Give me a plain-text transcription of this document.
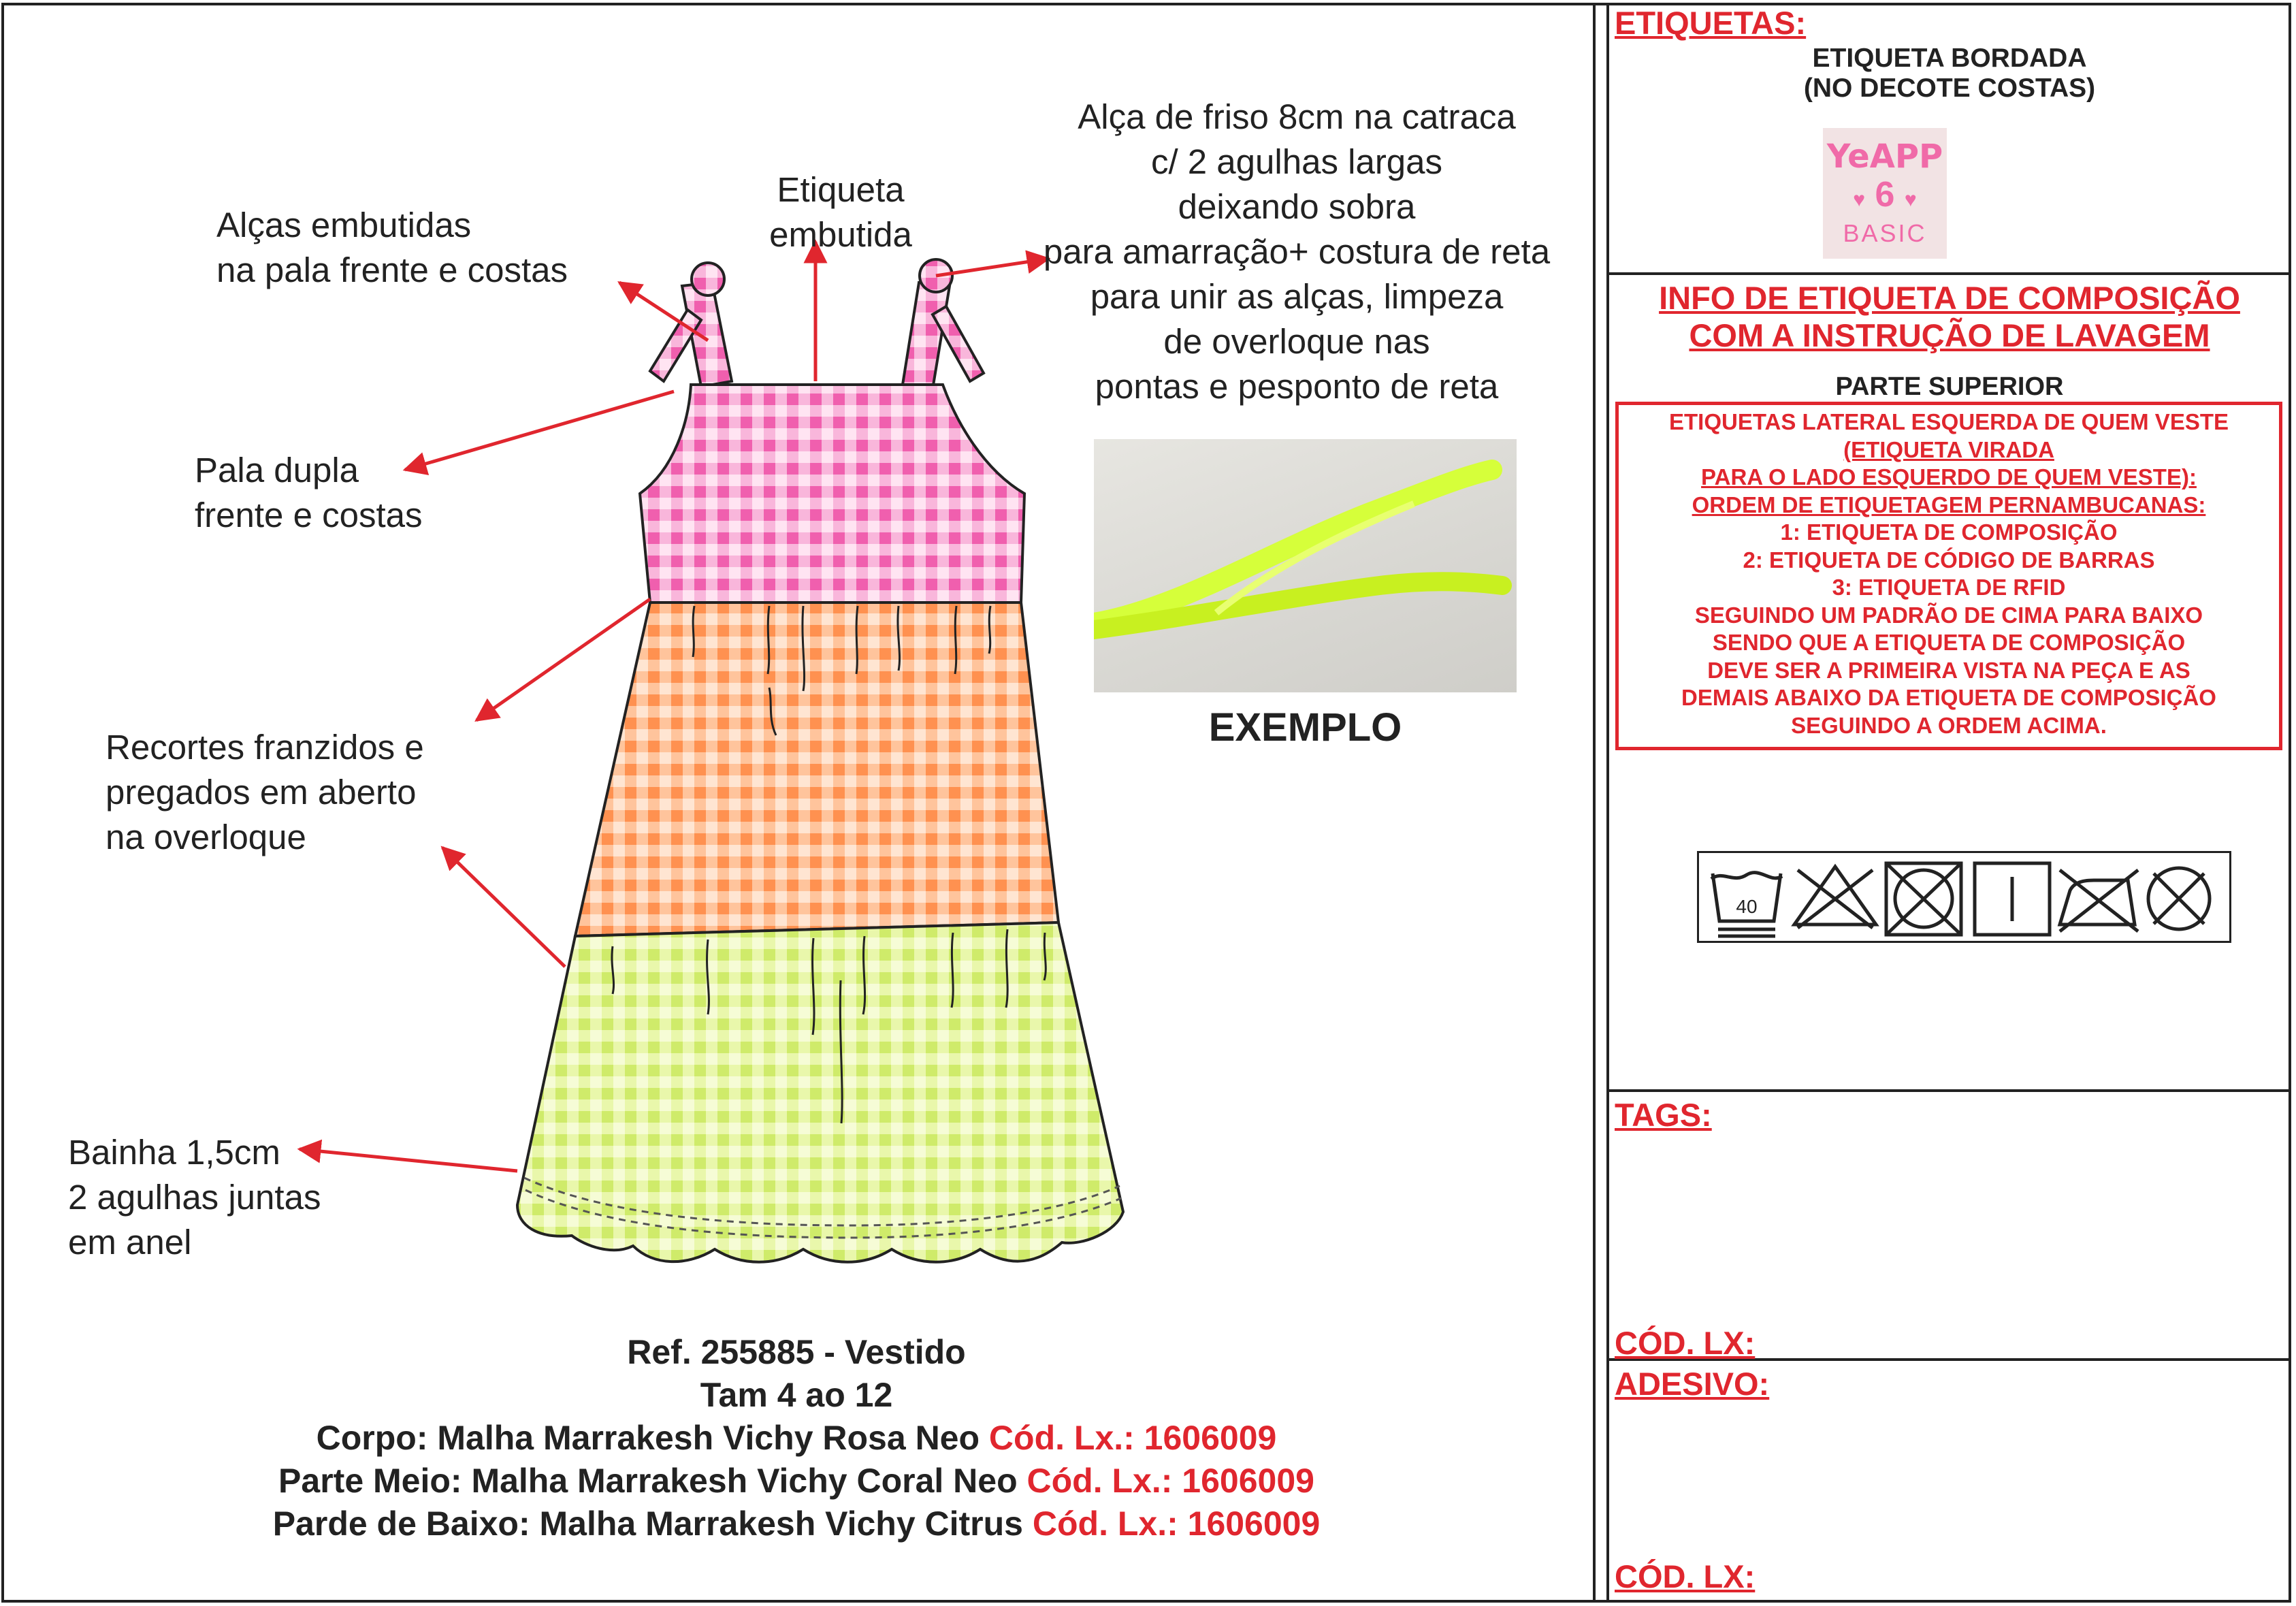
Alças embutidas
na pala frente e costas
Etiqueta
embutida
Alça de friso 8cm na catraca
c/ 2 agulhas largas
deixando sobra
para amarração+ costura de reta
para unir as alças, limpeza
de overloque nas
pontas e pesponto de reta
Pala dupla
frente e costas
Recortes franzidos e
pregados em aberto
na overloque
Bainha 1,5cm
2 agulhas juntas
em anel
EXEMPLO
Ref. 255885 - Vestido
Tam 4 ao 12
Corpo: Malha Marrakesh Vichy Rosa Neo Cód. Lx.: 1606009
Parte Meio: Malha Marrakesh Vichy Coral Neo Cód. Lx.: 1606009
Parde de Baixo: Malha Marrakesh Vichy Citrus Cód. Lx.: 1606009
ETIQUETAS:
ETIQUETA BORDADA
(NO DECOTE COSTAS)
YeAPP
♥ 6 ♥
BASIC
INFO DE ETIQUETA DE COMPOSIÇÃO
COM A INSTRUÇÃO DE LAVAGEM
PARTE SUPERIOR
ETIQUETAS LATERAL ESQUERDA DE QUEM VESTE
(ETIQUETA VIRADA
PARA O LADO ESQUERDO DE QUEM VESTE):
ORDEM DE ETIQUETAGEM PERNAMBUCANAS:
1: ETIQUETA DE COMPOSIÇÃO
2: ETIQUETA DE CÓDIGO DE BARRAS
3: ETIQUETA DE RFID
SEGUINDO UM PADRÃO DE CIMA PARA BAIXO
SENDO QUE A ETIQUETA DE COMPOSIÇÃO
DEVE SER A PRIMEIRA VISTA NA PEÇA E AS
DEMAIS ABAIXO DA ETIQUETA DE COMPOSIÇÃO
SEGUINDO A ORDEM ACIMA.
40
TAGS:
CÓD. LX:
ADESIVO:
CÓD. LX:
